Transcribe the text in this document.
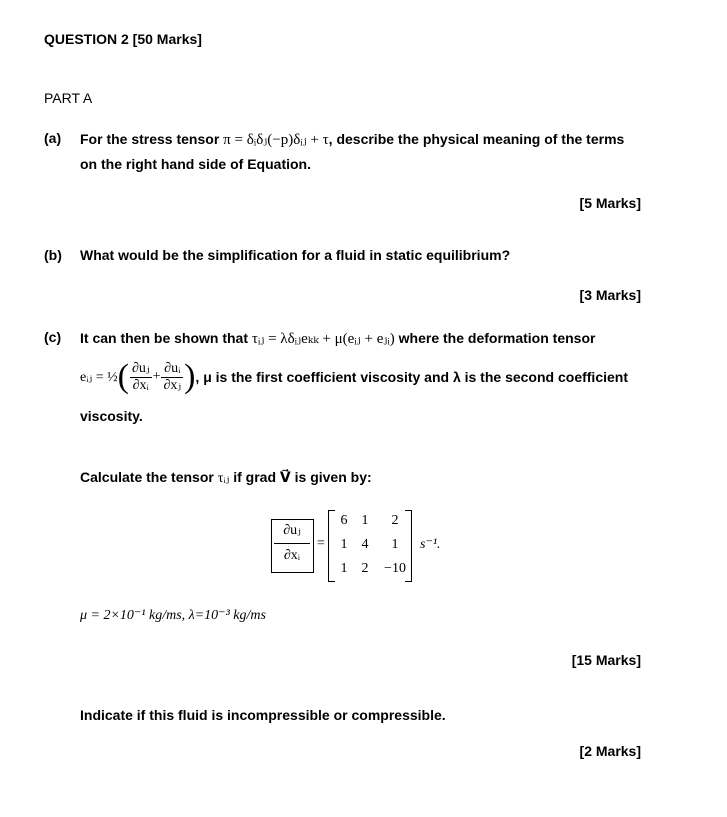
QUESTION 2 [50 Marks]
PART A
(a) For the stress tensor π = δᵢδⱼ(−p)δᵢⱼ + τ, describe the physical meaning of the terms
on the right hand side of Equation.
[5 Marks]
(b) What would be the simplification for a fluid in static equilibrium?
[3 Marks]
(c) It can then be shown that τᵢⱼ = λδᵢⱼeₖₖ + μ(eᵢⱼ + eⱼᵢ) where the deformation tensor
eᵢⱼ = ½ ( $\frac{\text{∂uⱼ}}{\text{∂xᵢ}} + \frac{\text{∂uᵢ}}{\text{∂xⱼ}}$ ) , μ is the first coefficient viscosity and λ is the second coefficient
viscosity.
Calculate the tensor τᵢⱼ if grad V⃗ is given by:
$\frac{\text{∂uⱼ}}{\text{∂xᵢ}}$ =
6	1	2
1	4	1
1	2	−10
s⁻¹.
μ = 2×10⁻¹ kg/ms, λ=10⁻³ kg/ms
[15 Marks]
Indicate if this fluid is incompressible or compressible.
[2 Marks]
